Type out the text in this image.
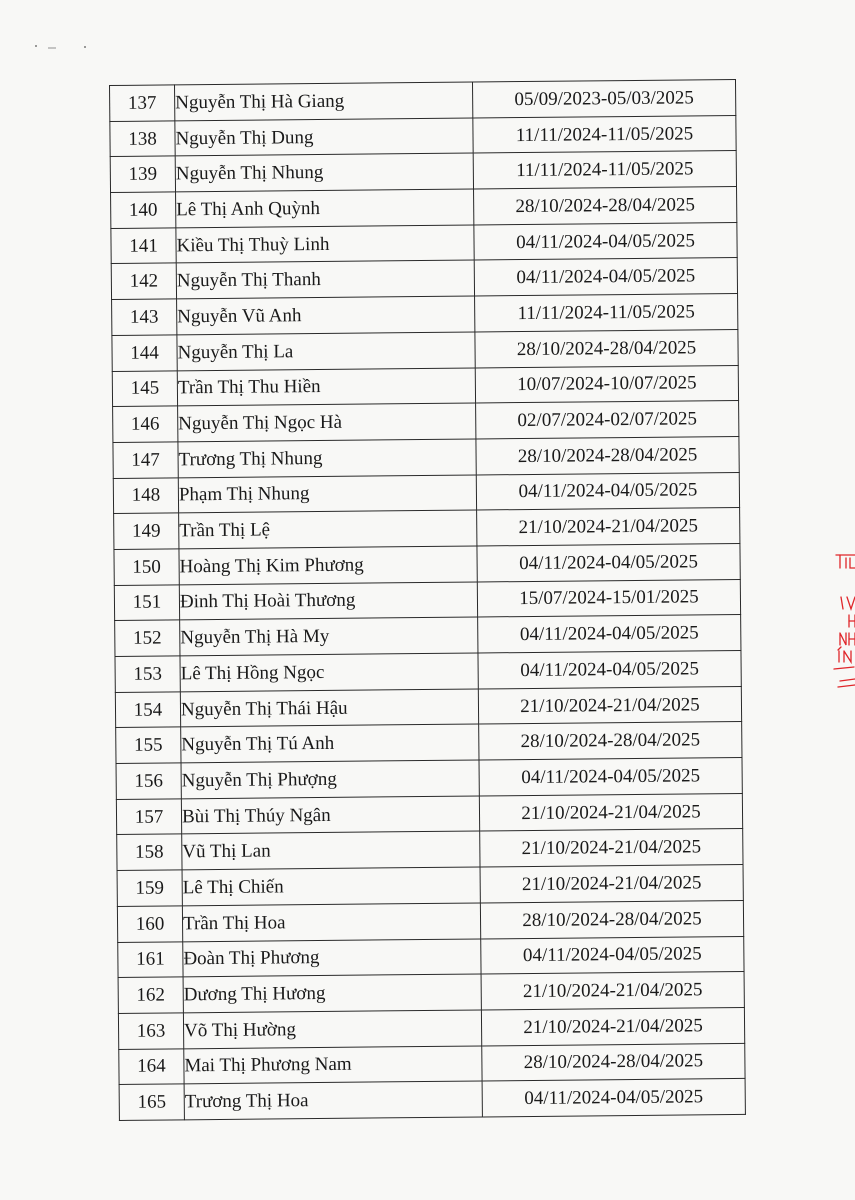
137	Nguyễn Thị Hà Giang	05/09/2023-05/03/2025
138	Nguyễn Thị Dung	11/11/2024-11/05/2025
139	Nguyễn Thị Nhung	11/11/2024-11/05/2025
140	Lê Thị Anh Quỳnh	28/10/2024-28/04/2025
141	Kiều Thị Thuỳ Linh	04/11/2024-04/05/2025
142	Nguyễn Thị Thanh	04/11/2024-04/05/2025
143	Nguyễn Vũ Anh	11/11/2024-11/05/2025
144	Nguyễn Thị La	28/10/2024-28/04/2025
145	Trần Thị Thu Hiền	10/07/2024-10/07/2025
146	Nguyễn Thị Ngọc Hà	02/07/2024-02/07/2025
147	Trương Thị Nhung	28/10/2024-28/04/2025
148	Phạm Thị Nhung	04/11/2024-04/05/2025
149	Trần Thị Lệ	21/10/2024-21/04/2025
150	Hoàng Thị Kim Phương	04/11/2024-04/05/2025
151	Đinh Thị Hoài Thương	15/07/2024-15/01/2025
152	Nguyễn Thị Hà My	04/11/2024-04/05/2025
153	Lê Thị Hồng Ngọc	04/11/2024-04/05/2025
154	Nguyễn Thị Thái Hậu	21/10/2024-21/04/2025
155	Nguyễn Thị Tú Anh	28/10/2024-28/04/2025
156	Nguyễn Thị Phượng	04/11/2024-04/05/2025
157	Bùi Thị Thúy Ngân	21/10/2024-21/04/2025
158	Vũ Thị Lan	21/10/2024-21/04/2025
159	Lê Thị Chiến	21/10/2024-21/04/2025
160	Trần Thị Hoa	28/10/2024-28/04/2025
161	Đoàn Thị Phương	04/11/2024-04/05/2025
162	Dương Thị Hương	21/10/2024-21/04/2025
163	Võ Thị Hường	21/10/2024-21/04/2025
164	Mai Thị Phương Nam	28/10/2024-28/04/2025
165	Trương Thị Hoa	04/11/2024-04/05/2025
